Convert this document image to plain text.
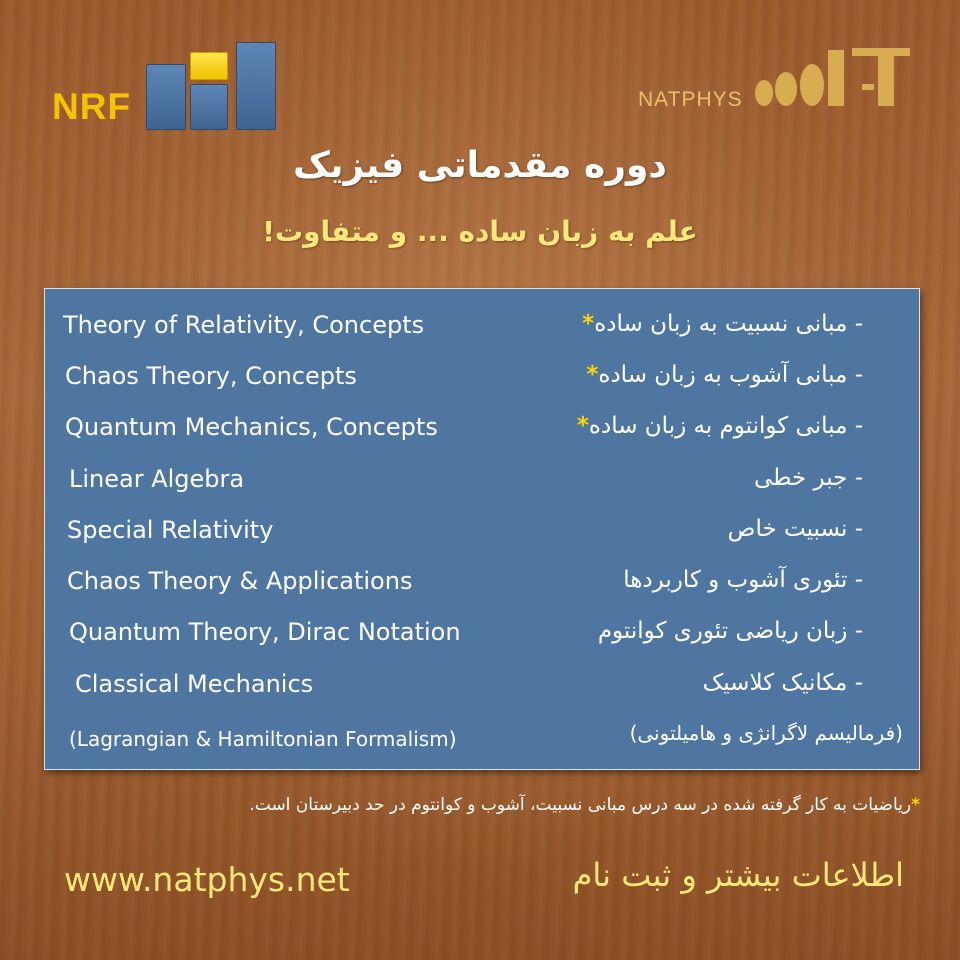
NRF	NATPHYS
دوره مقدماتی فیزیک
علم به زبان ساده ... و متفاوت!
Theory of Relativity, Concepts	- مبانی نسبیت به زبان ساده*
Chaos Theory, Concepts	- مبانی آشوب به زبان ساده*
Quantum Mechanics, Concepts	- مبانی کوانتوم به زبان ساده*
Linear Algebra	- جبر خطی
Special Relativity	- نسبیت خاص
Chaos Theory & Applications	- تئوری آشوب و کاربردها
Quantum Theory, Dirac Notation	- زبان ریاضی تئوری کوانتوم
Classical Mechanics	- مکانیک کلاسیک
(Lagrangian & Hamiltonian Formalism)	(فرمالیسم لاگرانژی و هامیلتونی)
*ریاضیات به کار گرفته شده در سه درس مبانی نسبیت، آشوب و کوانتوم در حد دبیرستان است.
www.natphys.net	اطلاعات بیشتر و ثبت نام
